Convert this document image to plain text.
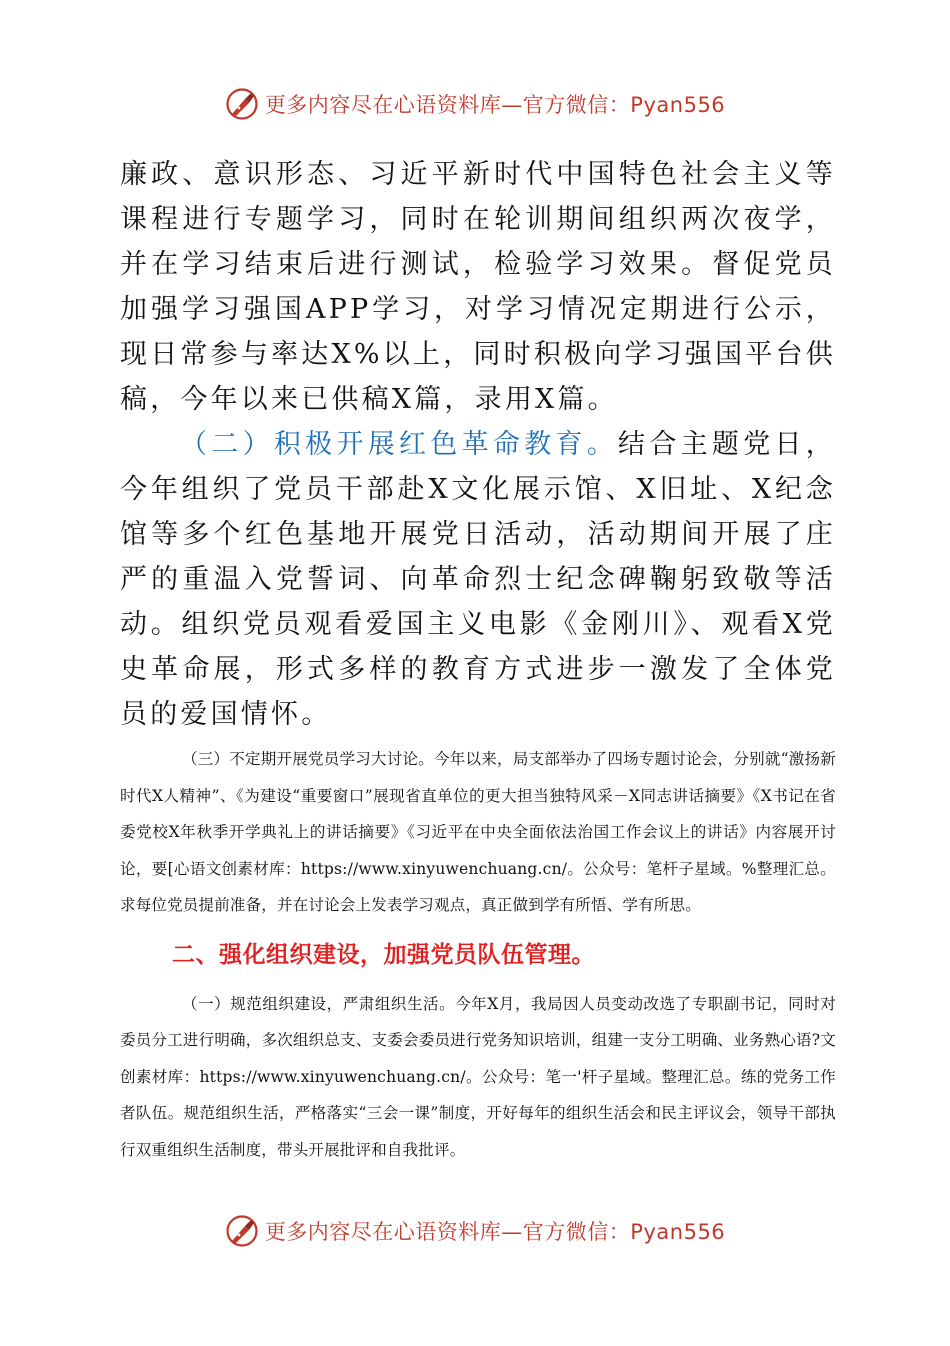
更多内容尽在心语资料库—官方微信：Pyan556

廉政、意识形态、习近平新时代中国特色社会主义等课程进行专题学习，同时在轮训期间组织两次夜学，并在学习结束后进行测试，检验学习效果。督促党员加强学习强国APP学习，对学习情况定期进行公示，现日常参与率达X%以上，同时积极向学习强国平台供稿，今年以来已供稿X篇，录用X篇。

（二）积极开展红色革命教育。结合主题党日，今年组织了党员干部赴X文化展示馆、X旧址、X纪念馆等多个红色基地开展党日活动，活动期间开展了庄严的重温入党誓词、向革命烈士纪念碑鞠躬致敬等活动。组织党员观看爱国主义电影《金刚川》、观看X党史革命展，形式多样的教育方式进步一激发了全体党员的爱国情怀。

（三）不定期开展党员学习大讨论。今年以来，局支部举办了四场专题讨论会，分别就“激扬新时代X人精神”、《为建设“重要窗口”展现省直单位的更大担当独特风采－X同志讲话摘要》《X书记在省委党校X年秋季开学典礼上的讲话摘要》《习近平在中央全面依法治国工作会议上的讲话》内容展开讨论，要[心语文创素材库：https://www.xinyuwenchuang.cn/。公众号：笔杆子星域。%整理汇总。求每位党员提前准备，并在讨论会上发表学习观点，真正做到学有所悟、学有所思。

二、强化组织建设，加强党员队伍管理。

（一）规范组织建设，严肃组织生活。今年X月，我局因人员变动改选了专职副书记，同时对委员分工进行明确，多次组织总支、支委会委员进行党务知识培训，组建一支分工明确、业务熟心语?文创素材库：https://www.xinyuwenchuang.cn/。公众号：笔一'杆子星域。整理汇总。练的党务工作者队伍。规范组织生活，严格落实“三会一课”制度，开好每年的组织生活会和民主评议会，领导干部执行双重组织生活制度，带头开展批评和自我批评。

更多内容尽在心语资料库—官方微信：Pyan556
